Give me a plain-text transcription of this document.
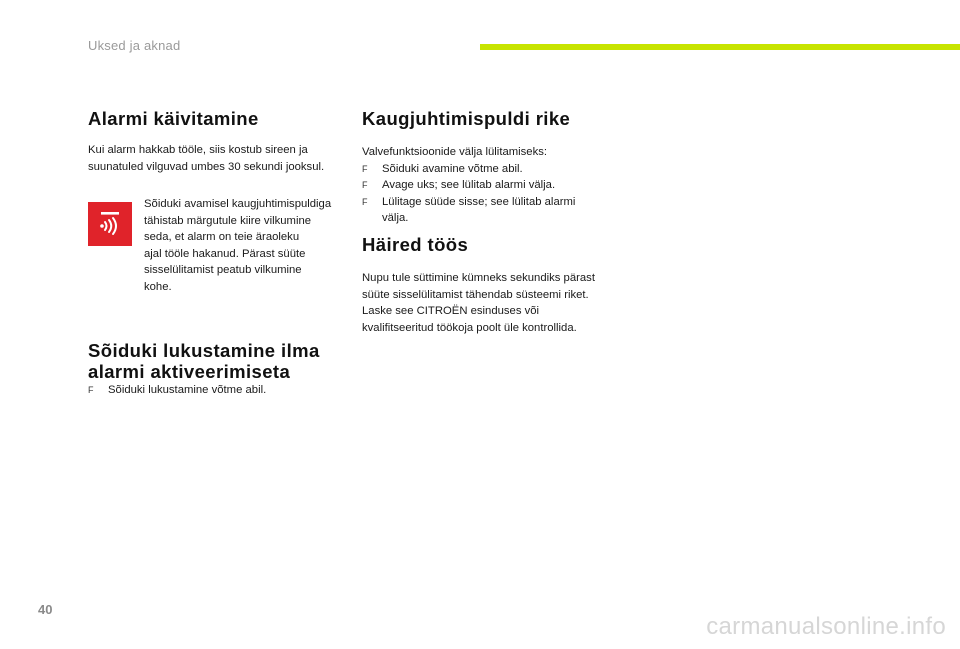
Uksed ja aknad
Alarmi käivitamine

Kui alarm hakkab tööle, siis kostub sireen ja
suunatuled vilguvad umbes 30 sekundi jooksul.

Sõiduki avamisel kaugjuhtimispuldiga
tähistab märgutule kiire vilkumine
seda, et alarm on teie äraoleku
ajal tööle hakanud. Pärast süüte
sisselülitamist peatub vilkumine
kohe.

Sõiduki lukustamine ilma
alarmi aktiveerimiseta
F Sõiduki lukustamine võtme abil.
Kaugjuhtimispuldi rike

Valvefunktsioonide välja lülitamiseks:

F Sõiduki avamine võtme abil.
F Avage uks; see lülitab alarmi välja.
F Lülitage süüde sisse; see lülitab alarmi
välja.
Häired töös

Nupu tule süttimine kümneks sekundiks pärast
süüte sisselülitamist tähendab süsteemi riket.
Laske see CITROËN esinduses või
kvalifitseeritud töökoja poolt üle kontrollida.

40
carmanualsonline.info
